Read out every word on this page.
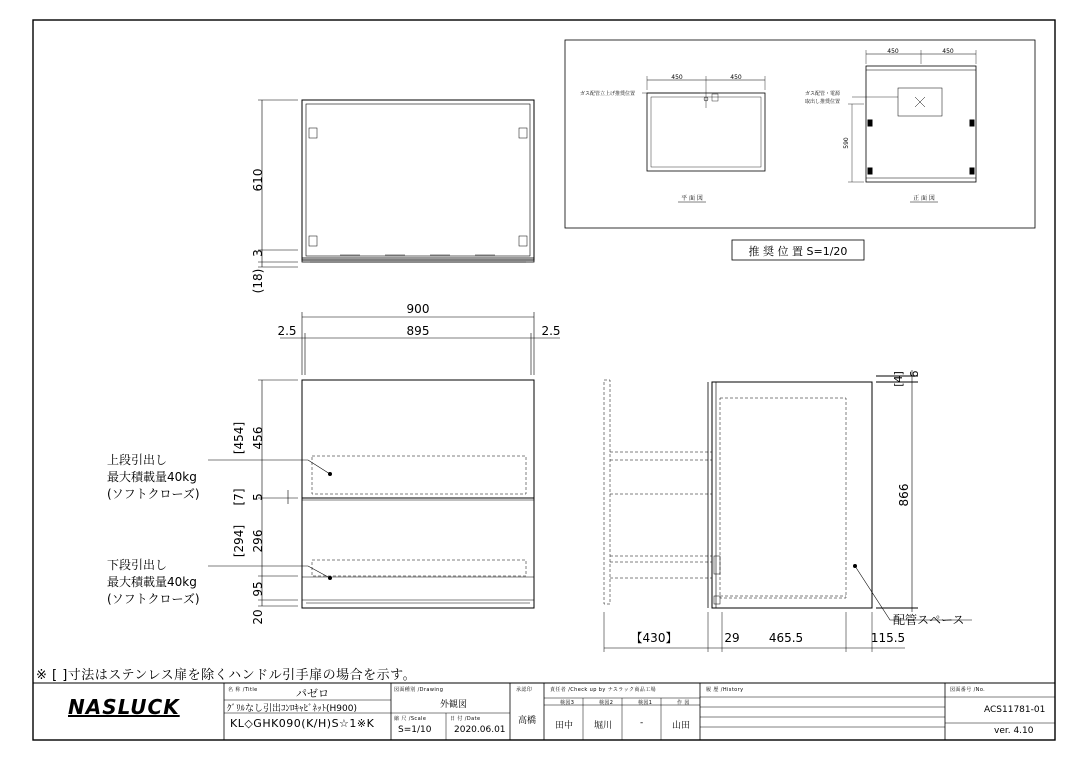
610
3
(18)
900
895
2.5	2.5
[454] 456
[7] 5
[294] 296
95
20
上段引出し
最大積載量40kg
(ソフトクローズ)
下段引出し
最大積載量40kg
(ソフトクローズ)
[4] 6
866
【430】	29 465.5	115.5
配管スペース
450	450
450	450
590
ガス配管立上げ推奨位置	ガス配管・電源
取出し推奨位置
平 面 図	正 面 図
推 奨 位 置 S=1/20
※ [ ]寸法はステンレス扉を除くハンドル引手扉の場合を示す。
NASLUCK
名 称 /Title	パゼロ
ｸﾞﾘﾙなし引出ｺﾝﾛｷｬﾋﾞﾈｯﾄ(H900)
KL◇GHK090(K/H)S☆1※K
図面種別 /Drawing
外観図
縮 尺 /Scale
S=1/10
日 付 /Date
2020.06.01
承認印
高橋
責任者 /Check up by ナスラック商品工場
検図3	検図2	検図1	作 図
田中 堀川	-	山田
履 歴 /History	図面番号 /No.
ACS11781-01
ver. 4.10
